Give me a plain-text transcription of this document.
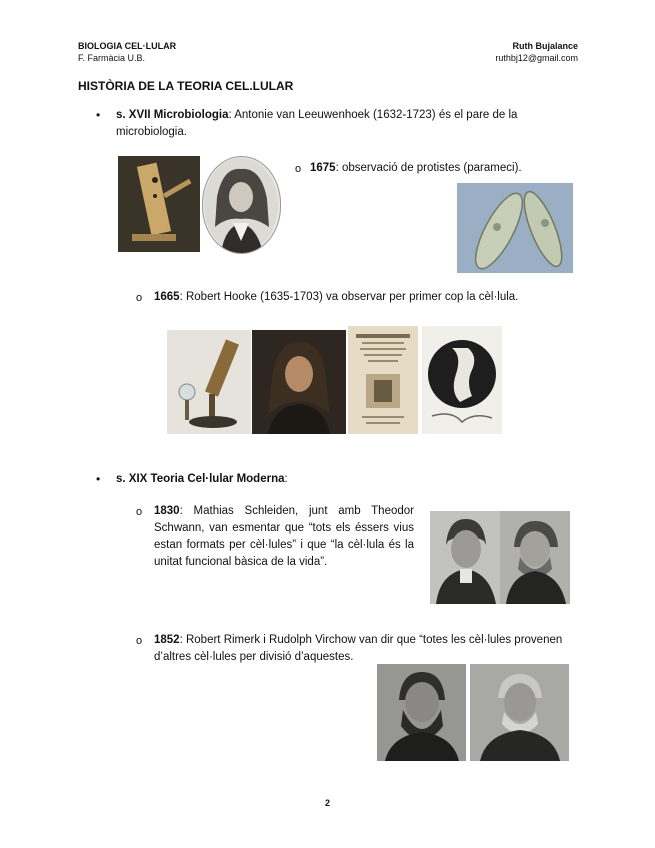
BIOLOGIA CEL·LULAR
F. Farmàcia U.B.
Ruth Bujalance
ruthbj12@gmail.com
HISTÒRIA DE LA TEORIA CEL.LULAR
• s. XVII Microbiologia: Antonie van Leeuwenhoek (1632-1723) és el pare de la
microbiologia.
o 1675: observació de protistes (parameci).
o 1665: Robert Hooke (1635-1703) va observar per primer cop la cèl·lula.
• s. XIX Teoria Cel·lular Moderna:
o 1830: Mathias Schleiden, junt amb Theodor
Schwann, van esmentar que “tots els éssers vius
estan formats per cèl·lules” i que “la cèl·lula és la
unitat funcional bàsica de la vida”.
o 1852: Robert Rimerk i Rudolph Virchow van dir que “totes les cèl·lules provenen
d’altres cèl·lules per divisió d’aquestes.
2
